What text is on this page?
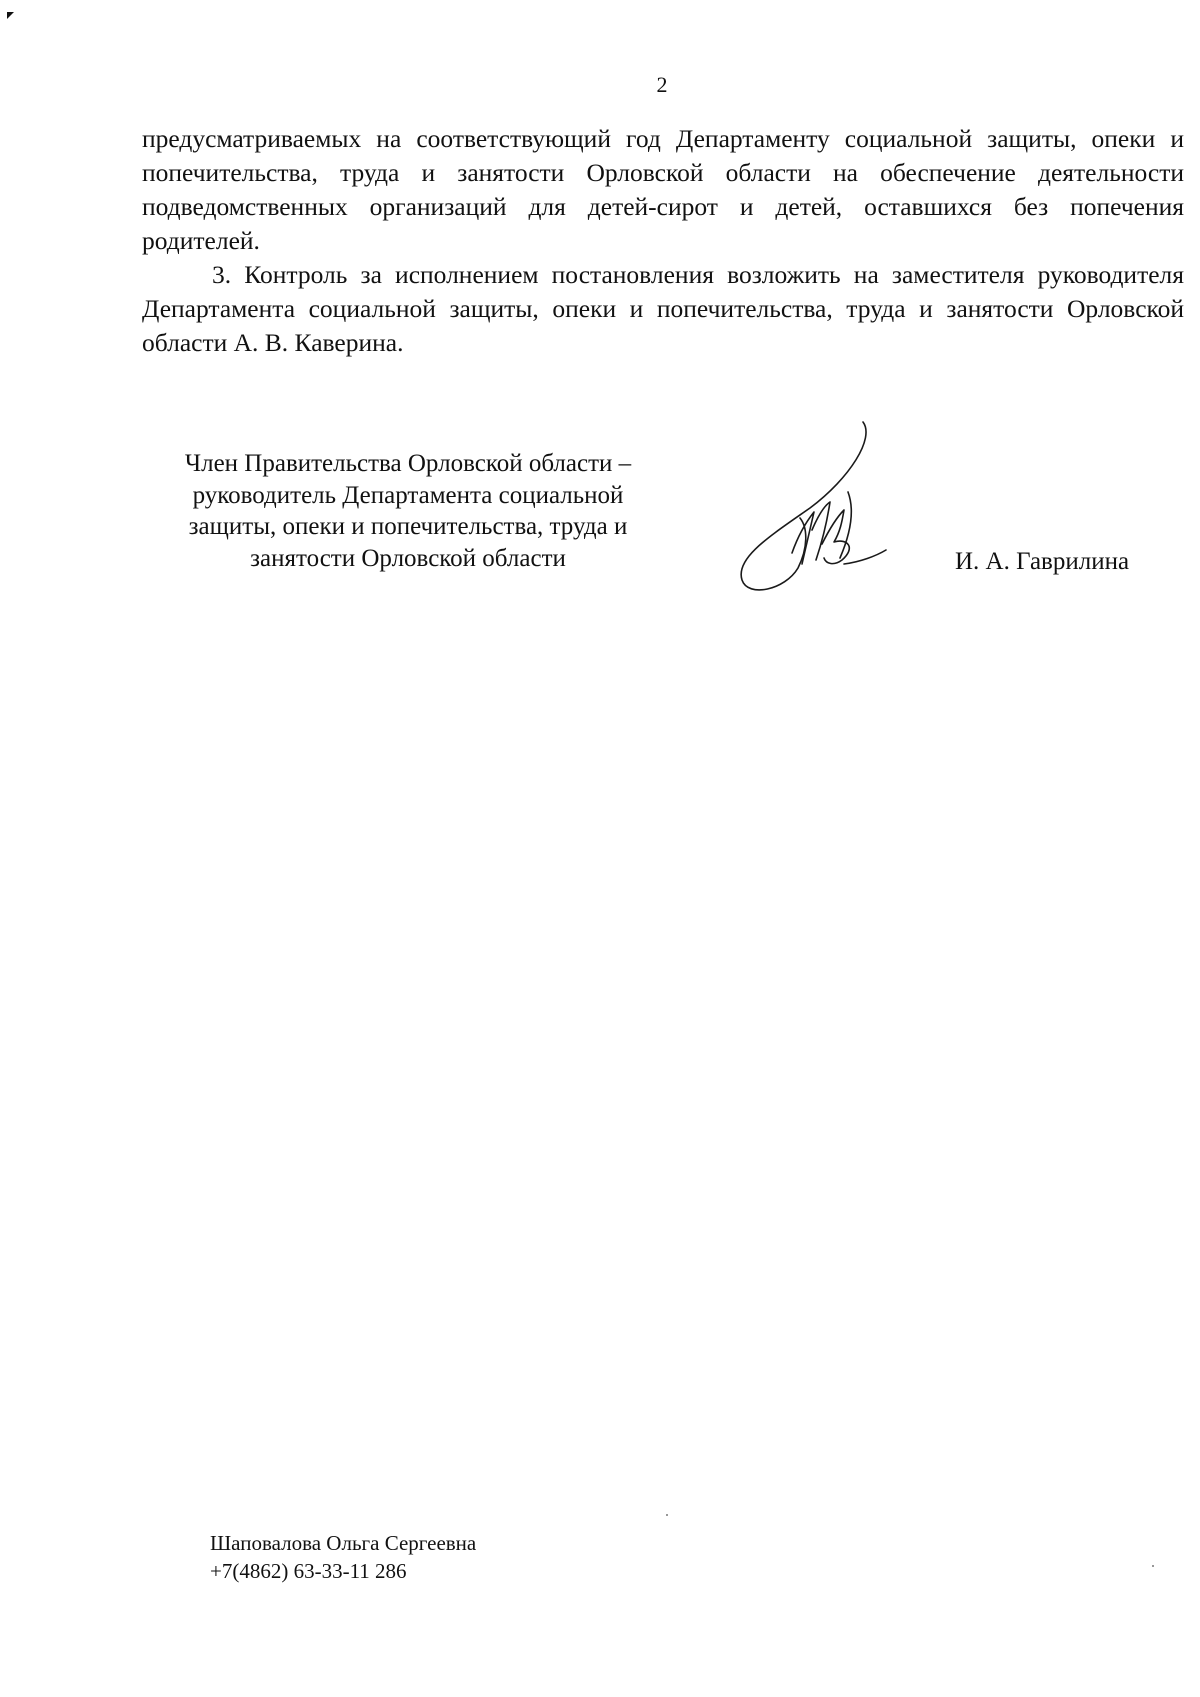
2

предусматриваемых на соответствующий год Департаменту социальной защиты, опеки и попечительства, труда и занятости Орловской области на обеспечение деятельности подведомственных организаций для детей-сирот и детей, оставшихся без попечения родителей.

3. Контроль за исполнением постановления возложить на заместителя руководителя Департамента социальной защиты, опеки и попечительства, труда и занятости Орловской области А. В. Каверина.

Член Правительства Орловской области –
руководитель Департамента социальной
защиты, опеки и попечительства, труда и
занятости Орловской области	И. А. Гаврилина
Шаповалова Ольга Сергеевна
+7(4862) 63-33-11 286
